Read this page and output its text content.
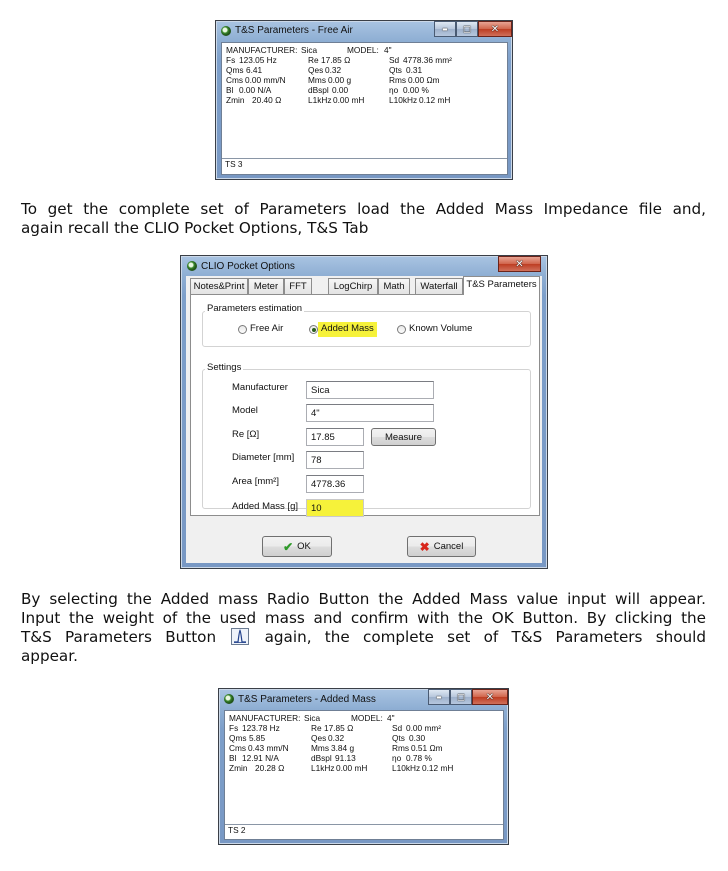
T&S Parameters - Free Air	▬ ◻ ✕
MANUFACTURER: Sica	MODEL: 4"
Fs 123.05 Hz	Re 17.85 Ω	Sd 4778.36 mm²
Qms 6.41	Qes 0.32	Qts 0.31
Cms 0.00 mm/N	Mms 0.00 g	Rms 0.00 Ωm
Bl 0.00 N/A	dBspl 0.00	ηo 0.00 %
Zmin 20.40 Ω	L1kHz 0.00 mH	L10kHz 0.12 mH
TS 3
To get the complete set of Parameters load the Added Mass Impedance file and,
again recall the CLIO Pocket Options, T&S Tab
CLIO Pocket Options	✕
Notes&Print	Meter	FFT	LogChirp	Math	Waterfall T&S Parameters
Parameters estimation
Free Air	Added Mass	Known Volume
Settings
Manufacturer
Sica
Model
4"
Re [Ω]
17.85	Measure
Diameter [mm]
78
Area [mm²]
4778.36
Added Mass [g]
10
✔ OK	✖ Cancel
By selecting the Added mass Radio Button the Added Mass value input will appear.
Input the weight of the used mass and confirm with the OK Button. By clicking the
T&S Parameters Button	again, the complete set of T&S Parameters should
appear.
T&S Parameters - Added Mass	▬ ◻ ✕
MANUFACTURER: Sica	MODEL: 4"
Fs 123.78 Hz	Re 17.85 Ω	Sd 0.00 mm²
Qms 5.85	Qes 0.32	Qts 0.30
Cms 0.43 mm/N	Mms 3.84 g	Rms 0.51 Ωm
Bl 12.91 N/A	dBspl 91.13	ηo 0.78 %
Zmin 20.28 Ω	L1kHz 0.00 mH	L10kHz 0.12 mH
TS 2
